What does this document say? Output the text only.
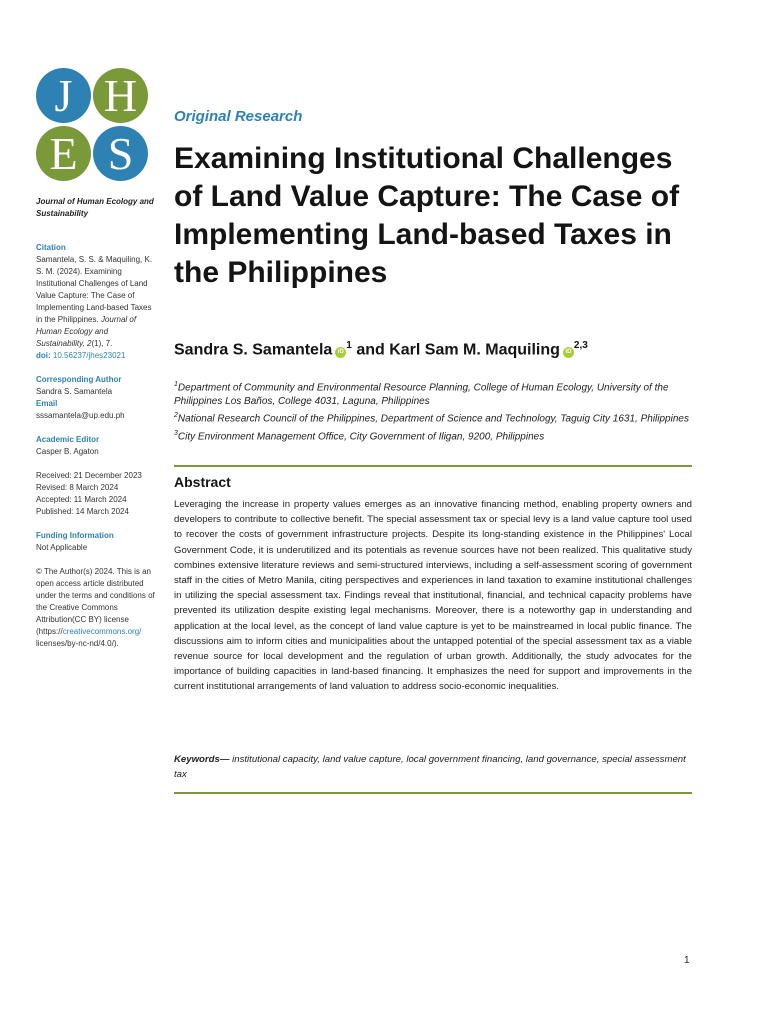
J H
E S
Journal of Human Ecology and Sustainability
Citation
Samantela, S. S. & Maquiling, K. S. M. (2024). Examining Institutional Challenges of Land Value Capture: The Case of Implementing Land-based Taxes in the Philippines. Journal of Human Ecology and Sustainability, 2(1), 7.
doi: 10.56237/jhes23021
Corresponding Author
Sandra S. Samantela
Email
sssamantela@up.edu.ph
Academic Editor
Casper B. Agaton
Received: 21 December 2023
Revised: 8 March 2024
Accepted: 11 March 2024
Published: 14 March 2024
Funding Information
Not Applicable
© The Author(s) 2024. This is an open access article distributed under the terms and conditions of the Creative Commons Attribution(CC BY) license (https://creativecommons.org/ licenses/by-nc-nd/4.0/).

Original Research

Examining Institutional Challenges of Land Value Capture: The Case of Implementing Land-based Taxes in the Philippines

Sandra S. Samantela $iD^1$ and Karl Sam M. Maquiling iD$^{2,3}$

$^1$Department of Community and Environmental Resource Planning, College of Human Ecology, University of the Philippines Los Baños, College 4031, Laguna, Philippines
$^2$National Research Council of the Philippines, Department of Science and Technology, Taguig City 1631, Philippines
$^3$City Environment Management Office, City Government of Iligan, 9200, Philippines
Abstract

Leveraging the increase in property values emerges as an innovative financing method, enabling property owners and developers to contribute to collective benefit. The special assessment tax or special levy is a land value capture tool used to recover the costs of government infrastructure projects. Despite its long-standing existence in the Philippines' Local Government Code, it is underutilized and its potentials as revenue sources have not been realized. This qualitative study combines extensive literature reviews and semi-structured interviews, including a self-assessment scoring of government staff in the cities of Metro Manila, citing perspectives and experiences in land taxation to examine institutional challenges in utilizing the special assessment tax. Findings reveal that institutional, financial, and technical capacity problems have prevented its utilization despite existing legal mechanisms. Moreover, there is a noteworthy gap in understanding and application at the local level, as the concept of land value capture is yet to be mainstreamed in local public finance. The discussions aim to inform cities and municipalities about the untapped potential of the special assessment tax as a viable revenue source for local development and the regulation of urban growth. Additionally, the study advocates for the importance of building capacities in land-based financing. It emphasizes the need for support and improvements in the current institutional arrangements of land valuation to address socio-economic inequalities.

Keywords— institutional capacity, land value capture, local government financing, land governance, special assessment tax

1
